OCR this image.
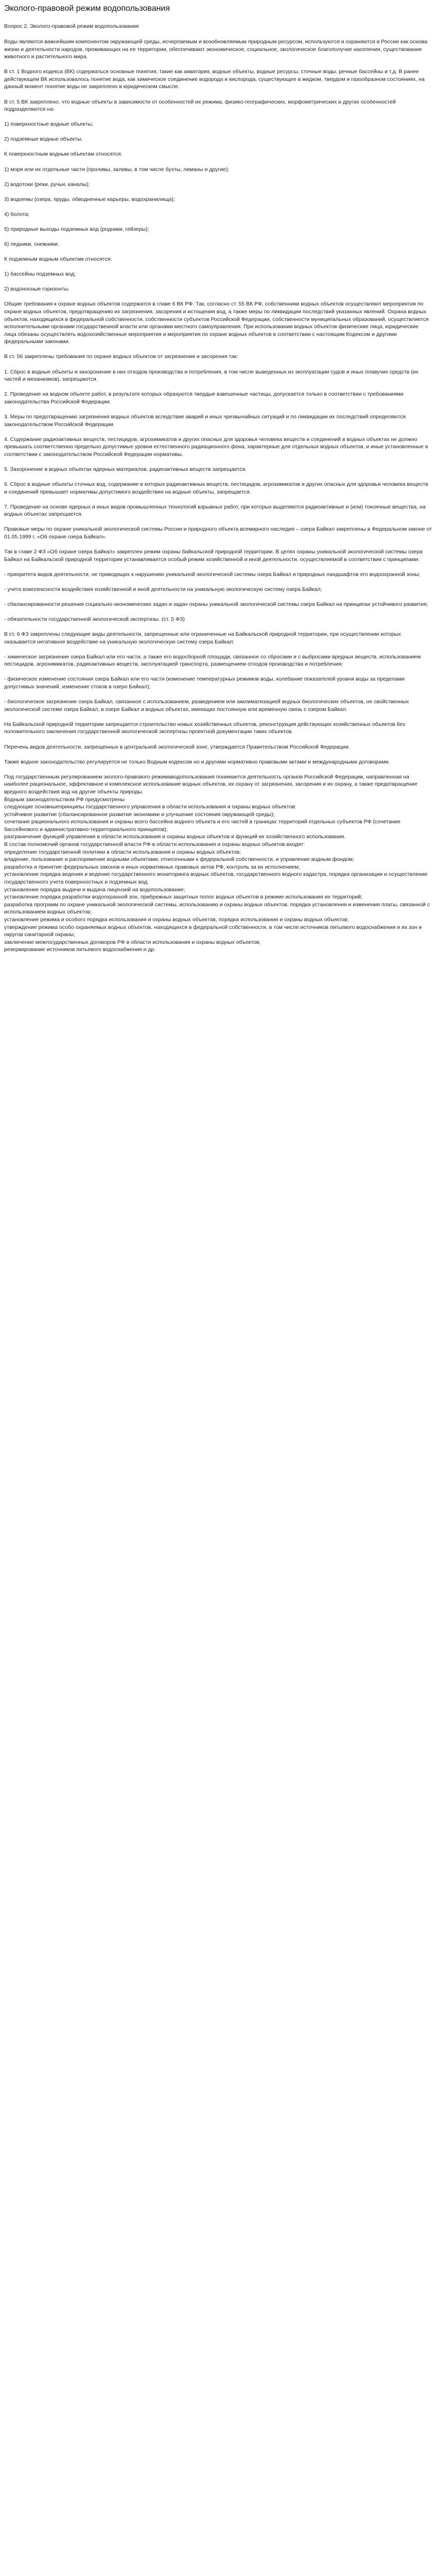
Эколого-правовой режим водопользования

Вопрос 2. Эколого-правовой режим водопользования

Воды являются важнейшим компонентом окружающей среды, исчерпаемым и возобновляемым природным ресурсом, используются и охраняются в России как основа жизни и деятельности народов, проживающих на ее территории, обеспечивают экономическое, социальное, экологическое благополучие населения, существование животного и растительного мира.

В ст. 1 Водного кодекса (ВК) содержаться основные понятия, такие как акватория, водные объекты, водные ресурсы, сточные воды, речные бассейны и т.д. В ранее действующем ВК использовалось понятие вода, как химическое соединение водорода и кислорода, существующее в жидком, твердом и газообразном состояниях, на данный момент понятие воды не закреплено в юридическом смысле.

В ст. 5 ВК закреплено, что водные объекты в зависимости от особенностей их режима, физико-географических, морфометрических и других особенностей подразделяются на:

1) поверхностные водные объекты;

2) подземные водные объекты.

К поверхностным водным объектам относятся:

1) моря или их отдельные части (проливы, заливы, в том числе бухты, лиманы и другие);

2) водотоки (реки, ручьи, каналы);

3) водоемы (озера, пруды, обводненные карьеры, водохранилища);

4) болота;

5) природные выходы подземных вод (родники, гейзеры);

6) ледники, снежники.

К подземным водным объектам относятся:

1) бассейны подземных вод;

2) водоносные горизонты.

Общие требования к охране водных объектов содержатся в главе 6 ВК РФ. Так, согласно ст. 55 ВК РФ, собственники водных объектов осуществляют мероприятия по охране водных объектов, предотвращению их загрязнения, засорения и истощения вод, а также меры по ликвидации последствий указанных явлений. Охрана водных объектов, находящихся в федеральной собственности, собственности субъектов Российской Федерации, собственности муниципальных образований, осуществляется исполнительными органами государственной власти или органами местного самоуправления. При использовании водных объектов физические лица, юридические лица обязаны осуществлять водохозяйственные мероприятия и мероприятия по охране водных объектов в соответствии с настоящим Кодексом и другими федеральными законами.

В ст. 56 закреплены требования по охране водных объектов от загрязнения и засорения так:

1. Сброс в водные объекты и захоронение в них отходов производства и потребления, в том числе выведенных из эксплуатации судов и иных плавучих средств (их частей и механизмов), запрещаются.

2. Проведение на водном объекте работ, в результате которых образуются твердые взвешенные частицы, допускается только в соответствии с требованиями законодательства Российской Федерации.

3. Меры по предотвращению загрязнения водных объектов вследствие аварий и иных чрезвычайных ситуаций и по ликвидации их последствий определяются законодательством Российской Федерации.

4. Содержание радиоактивных веществ, пестицидов, агрохимикатов и других опасных для здоровья человека веществ и соединений в водных объектах не должно превышать соответственно предельно допустимые уровни естественного радиационного фона, характерные для отдельных водных объектов, и иные установленные в соответствии с законодательством Российской Федерации нормативы.

5. Захоронение в водных объектах ядерных материалов, радиоактивных веществ запрещается.

6. Сброс в водные объекты сточных вод, содержание в которых радиоактивных веществ, пестицидов, агрохимикатов и других опасных для здоровья человека веществ и соединений превышает нормативы допустимого воздействия на водные объекты, запрещается.

7. Проведение на основе ядерных и иных видов промышленных технологий взрывных работ, при которых выделяются радиоактивные и (или) токсичные вещества, на водных объектах запрещается.

Правовые меры по охране уникальной экологической системы России и природного объекта всемирного наследия – озера Байкал закреплены в Федеральном законе от 01.05.1999 г. «Об охране озера Байкал».

Так в главе 2 ФЗ «Об охране озера Байкал» закреплен режим охраны байкальской природной территории. В целях охраны уникальной экологической системы озера Байкал на Байкальской природной территории устанавливается особый режим хозяйственной и иной деятельности, осуществляемой в соответствии с принципами:

- приоритета видов деятельности, не приводящих к нарушению уникальной экологической системы озера Байкал и природных ландшафтов его водоохранной зоны;

- учета комплексности воздействия хозяйственной и иной деятельности на уникальную экологическую систему озера Байкал;

- сбалансированности решения социально-экономических задач и задач охраны уникальной экологической системы озера Байкал на принципах устойчивого развития;

- обязательности государственной экологической экспертизы. (ст. 5 ФЗ)

В ст. 6 ФЗ закреплены следующие виды деятельности, запрещенные или ограниченные на Байкальской природной территории, при осуществлении которых оказывается негативное воздействие на уникальную экологическую систему озера Байкал:

- химическое загрязнение озера Байкал или его части, а также его водосборной площади, связанное со сбросами и с выбросами вредных веществ, использованием пестицидов, агрохимикатов, радиоактивных веществ, эксплуатацией транспорта, размещением отходов производства и потребления;

- физическое изменение состояния озера Байкал или его части (изменение температурных режимов воды, колебание показателей уровня воды за пределами допустимых значений, изменение стоков в озеро Байкал);

- биологическое загрязнение озера Байкал, связанное с использованием, разведением или акклиматизацией водных биологических объектов, не свойственных экологической системе озера Байкал, в озере Байкал и водных объектах, имеющих постоянную или временную связь с озером Байкал.

На Байкальской природной территории запрещается строительство новых хозяйственных объектов, реконструкция действующих хозяйственных объектов без положительного заключения государственной экологической экспертизы проектной документации таких объектов.

Перечень видов деятельности, запрещенных в центральной экологической зоне, утверждается Правительством Российской Федерации.

Также водное законодательство регулируется не только Водным кодексом но и другими нормативно правовыми актами и международными договорами.

Под государственным регулированием эколого-правового режимаводопользования понимается деятельность органов Российской Федерации, направленная на наиболее рациональное, эффективное и комплексное использование водных объектов, их охрану от загрязнения, засорения и их охрану, а также предотвращение вредного воздействия вод на другие объекты природы.
Водным законодательством РФ предусмотрены
следующие основныепринципы государственного управления в области использования и охраны водных объектов:
устойчивое развитие (сбалансированное развитие экономики и улучшение состояния окружающей среды);
сочетание рационального использования и охраны всего бассейна водного объекта и его частей в границах территорий отдельных субъектов РФ (сочетание бассейнового и административно-территориального принципов);
разграничение функций управления в области использования и охраны водных объектов и функций их хозяйственного использования.
В состав полномочий органов государственной власти РФ в области использования и охраны водных объектов входят:
определение государственной политики в области использования и охраны водных объектов;
владение, пользование и распоряжение водными объектами, отнесенными к федеральной собственности, и управление водным фондом;
разработка и принятие федеральных законов и иных нормативных правовых актов РФ, контроль за их исполнением;
установление порядка ведения и ведение государственного мониторинга водных объектов, государственного водного кадастра, порядка организации и осуществление государственного учета поверхностных и подземных вод;
установление порядка выдачи и выдача лицензий на водопользование;
установление порядка разработки водоохранной зон, прибрежных защитных полос водных объектов в режиме использования их территорий;
разработка программ по охране уникальной экологической системы, использованию и охраны водных объектов, порядка установления и изменения платы, связанной с использованием водных объектов;
установление режима и особого порядка использования и охраны водных объектов, порядка использования и охраны водных объектов;
утверждение режима особо охраняемых водных объектов, находящихся в федеральной собственности, в том числе источников питьевого водоснабжения и их зон и округов санитарной охраны;
заключение межгосударственных договоров РФ в области использования и охраны водных объектов;
резервирование источников питьевого водоснабжения и др.
